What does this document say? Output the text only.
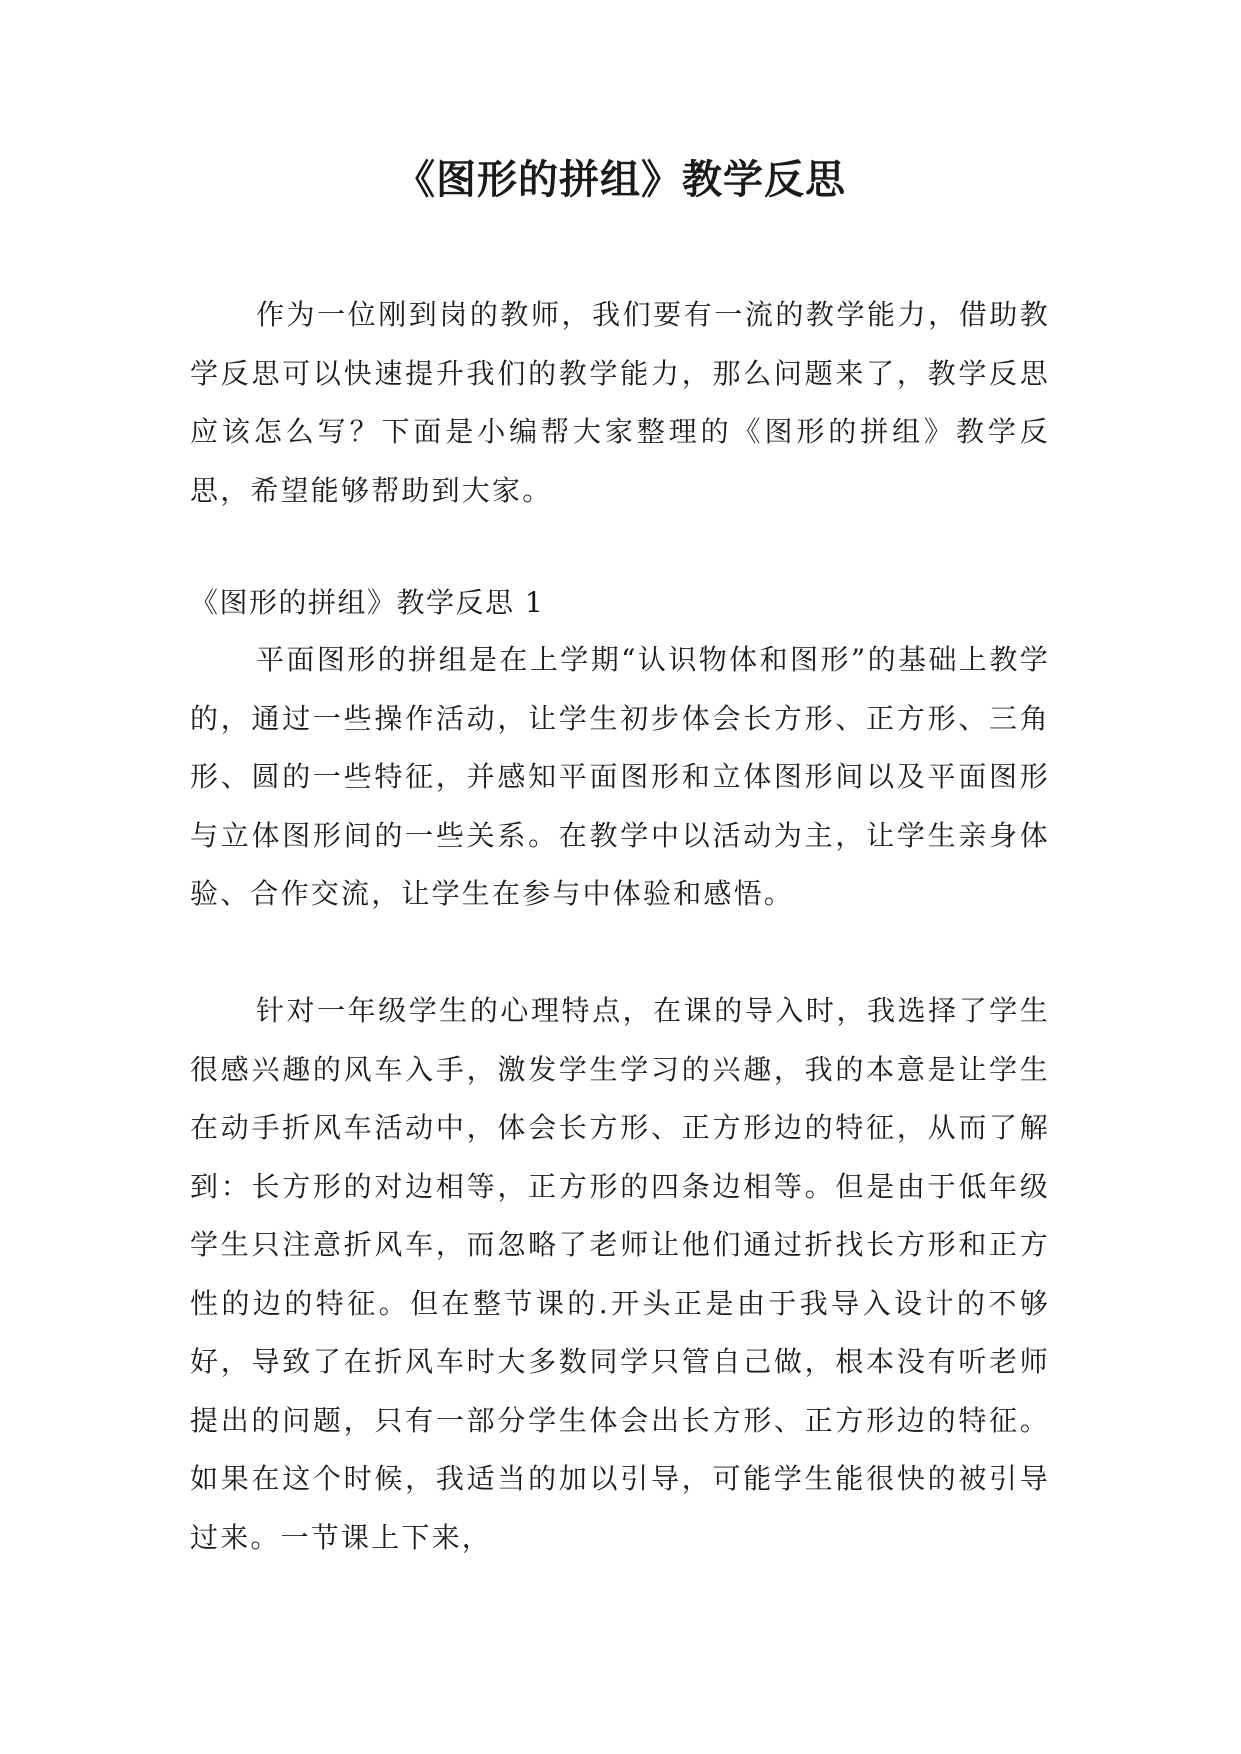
《图形的拼组》教学反思

作为一位刚到岗的教师，我们要有一流的教学能力，借助教学反思可以快速提升我们的教学能力，那么问题来了，教学反思应该怎么写？下面是小编帮大家整理的《图形的拼组》教学反思，希望能够帮助到大家。

《图形的拼组》教学反思 1

平面图形的拼组是在上学期“认识物体和图形”的基础上教学的，通过一些操作活动，让学生初步体会长方形、正方形、三角形、圆的一些特征，并感知平面图形和立体图形间以及平面图形与立体图形间的一些关系。在教学中以活动为主，让学生亲身体验、合作交流，让学生在参与中体验和感悟。

针对一年级学生的心理特点，在课的导入时，我选择了学生很感兴趣的风车入手，激发学生学习的兴趣，我的本意是让学生在动手折风车活动中，体会长方形、正方形边的特征，从而了解到：长方形的对边相等，正方形的四条边相等。但是由于低年级学生只注意折风车，而忽略了老师让他们通过折找长方形和正方性的边的特征。但在整节课的.开头正是由于我导入设计的不够好，导致了在折风车时大多数同学只管自己做，根本没有听老师提出的问题，只有一部分学生体会出长方形、正方形边的特征。如果在这个时候，我适当的加以引导，可能学生能很快的被引导过来。一节课上下来，
